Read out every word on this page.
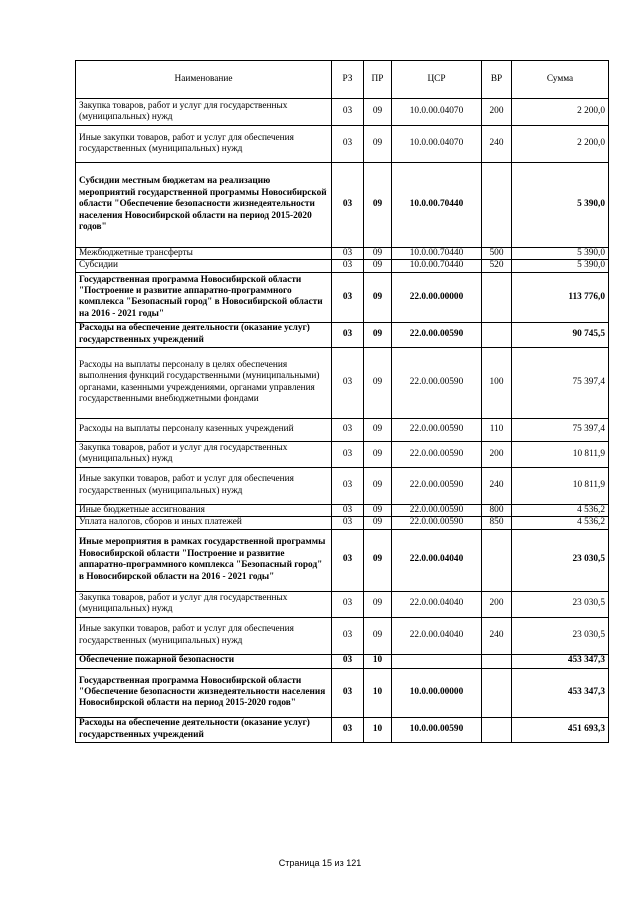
Наименование	РЗ	ПР	ЦСР	ВР	Сумма
Закупка товаров, работ и услуг для государственных (муниципальных) нужд	03	09	10.0.00.04070	200	2 200,0
Иные закупки товаров, работ и услуг для обеспечения государственных (муниципальных) нужд	03	09	10.0.00.04070	240	2 200,0
Субсидии местным бюджетам на реализацию мероприятий государственной программы Новосибирской области "Обеспечение безопасности жизнедеятельности населения Новосибирской области на период 2015-2020 годов"	03	09	10.0.00.70440		5 390,0
Межбюджетные трансферты	03	09	10.0.00.70440	500	5 390,0
Субсидии	03	09	10.0.00.70440	520	5 390,0
Государственная программа Новосибирской области "Построение и развитие аппаратно-программного комплекса "Безопасный город" в Новосибирской области на 2016 - 2021 годы"	03	09	22.0.00.00000		113 776,0
Расходы на обеспечение деятельности (оказание услуг) государственных учреждений	03	09	22.0.00.00590		90 745,5
Расходы на выплаты персоналу в целях обеспечения выполнения функций государственными (муниципальными) органами, казенными учреждениями, органами управления государственными внебюджетными фондами	03	09	22.0.00.00590	100	75 397,4
Расходы на выплаты персоналу казенных учреждений	03	09	22.0.00.00590	110	75 397,4
Закупка товаров, работ и услуг для государственных (муниципальных) нужд	03	09	22.0.00.00590	200	10 811,9
Иные закупки товаров, работ и услуг для обеспечения государственных (муниципальных) нужд	03	09	22.0.00.00590	240	10 811,9
Иные бюджетные ассигнования	03	09	22.0.00.00590	800	4 536,2
Уплата налогов, сборов и иных платежей	03	09	22.0.00.00590	850	4 536,2
Иные мероприятия в рамках государственной программы Новосибирской области "Построение и развитие аппаратно-программного комплекса "Безопасный город" в Новосибирской области на 2016 - 2021 годы"	03	09	22.0.00.04040		23 030,5
Закупка товаров, работ и услуг для государственных (муниципальных) нужд	03	09	22.0.00.04040	200	23 030,5
Иные закупки товаров, работ и услуг для обеспечения государственных (муниципальных) нужд	03	09	22.0.00.04040	240	23 030,5
Обеспечение пожарной безопасности	03	10			453 347,3
Государственная программа Новосибирской области "Обеспечение безопасности жизнедеятельности населения Новосибирской области на период 2015-2020 годов"	03	10	10.0.00.00000		453 347,3
Расходы на обеспечение деятельности (оказание услуг) государственных учреждений	03	10	10.0.00.00590		451 693,3
Страница 15 из 121
